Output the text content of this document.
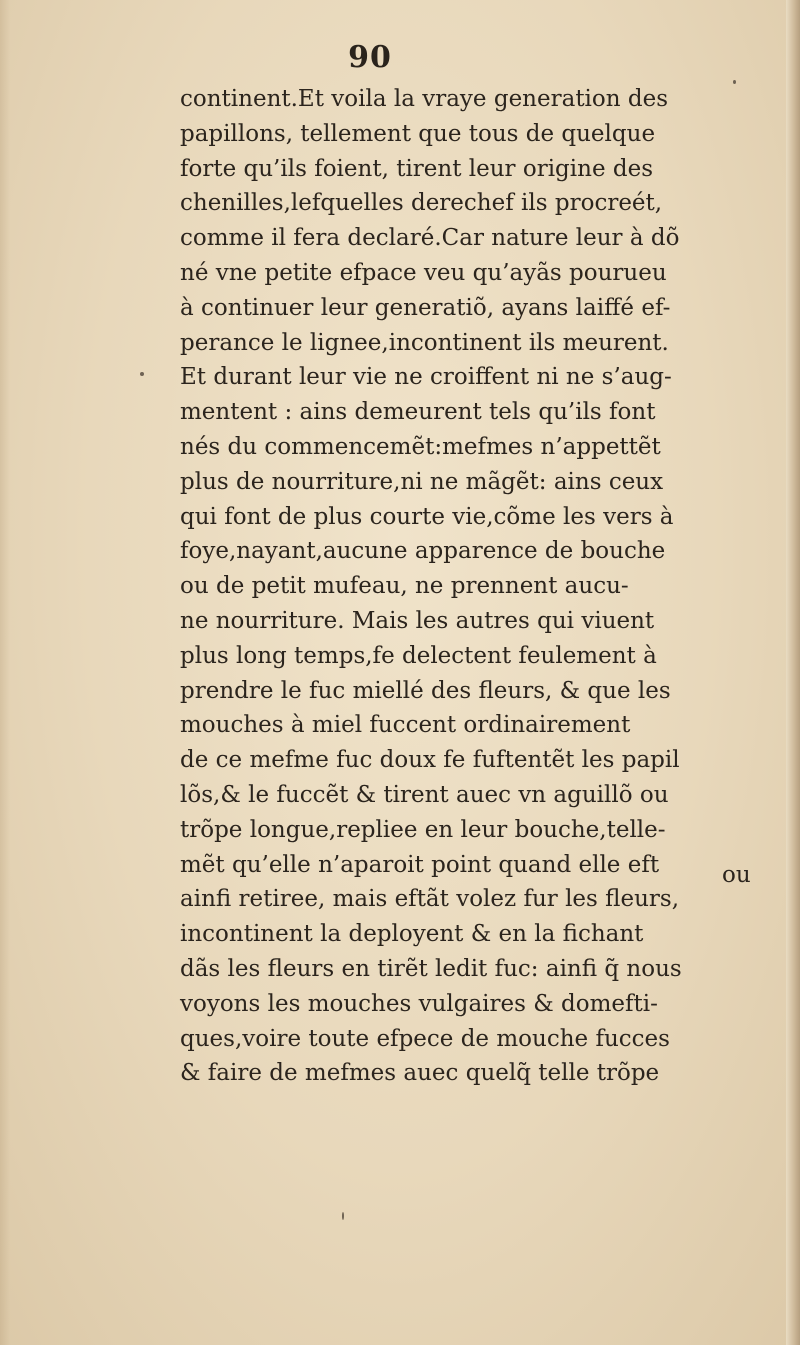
90
continent.Et voila la vraye generation des
papillons, tellement que tous de quelque
forte qu’ils foient, tirent leur origine des
chenilles,lefquelles derechef ils procreét,
comme il fera declaré.Car nature leur à dõ
né vne petite efpace veu qu’ayãs pourueu
à continuer leur generatiõ, ayans laiffé ef-
perance le lignee,incontinent ils meurent.
Et durant leur vie ne croiffent ni ne s’aug-
mentent : ains demeurent tels qu’ils font
nés du commencemẽt:mefmes n’appettẽt
plus de nourriture,ni ne mãgẽt: ains ceux
qui font de plus courte vie,cõme les vers à
foye,nayant,aucune apparence de bouche
ou de petit mufeau, ne prennent aucu-
ne nourriture. Mais les autres qui viuent
plus long temps,fe delectent feulement à
prendre le fuc miellé des fleurs, & que les
mouches à miel fuccent ordinairement
de ce mefme fuc doux fe fuftentẽt les papil
lõs,& le fuccẽt & tirent auec vn aguillõ ou
trõpe longue,repliee en leur bouche,telle-
mẽt qu’elle n’aparoit point quand elle eft
ainfi retiree, mais eftãt volez fur les fleurs,
incontinent la deployent & en la fichant
dãs les fleurs en tirẽt ledit fuc: ainfi q̃ nous
voyons les mouches vulgaires & domefti-
ques,voire toute efpece de mouche fucces
& faire de mefmes auec quelq̃ telle trõpe
ou
